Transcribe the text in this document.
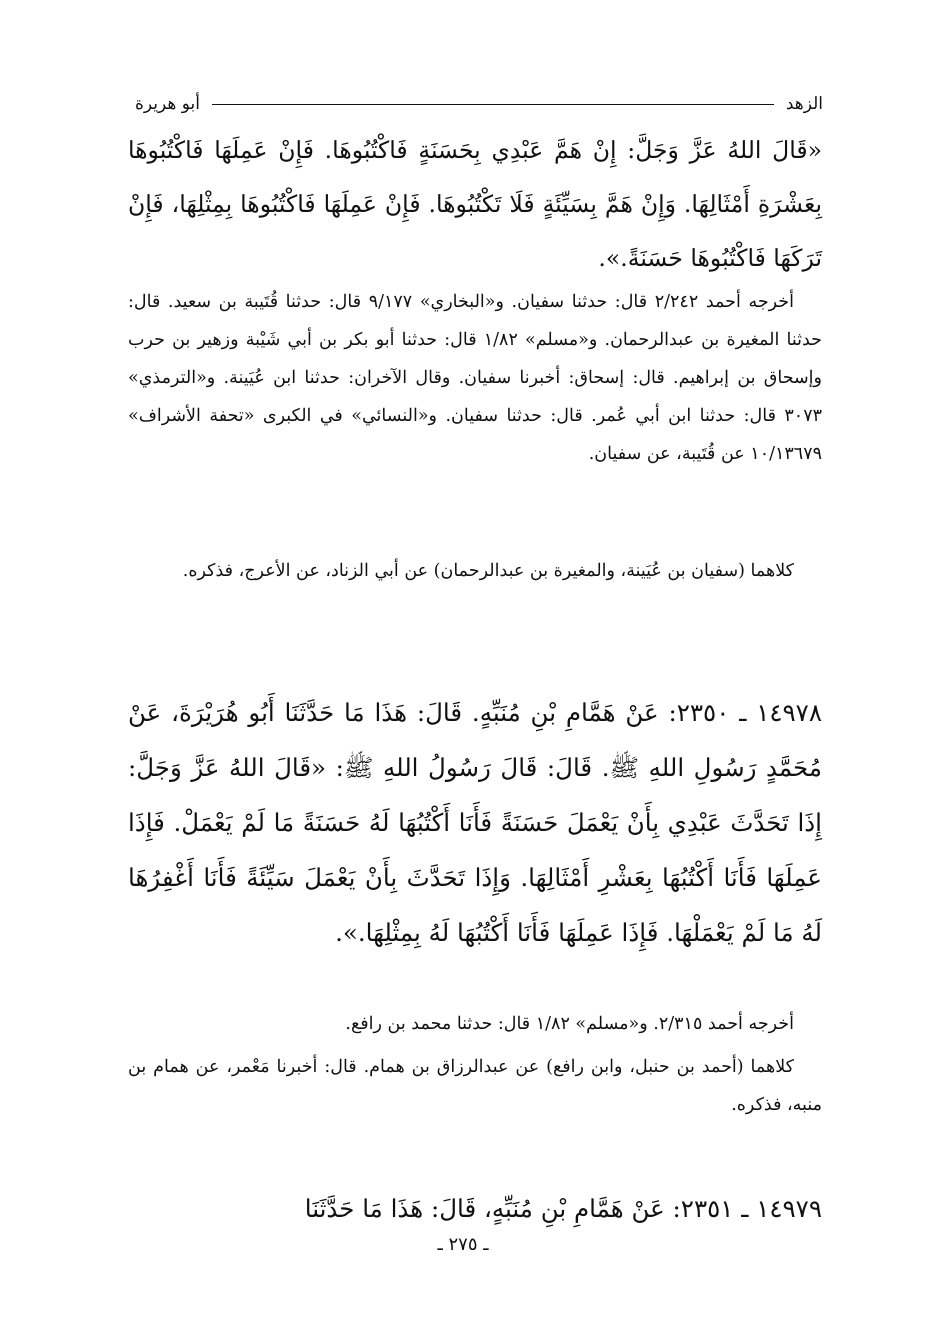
الزهد
أبو هريرة

«قَالَ اللهُ عَزَّ وَجَلَّ: إِنْ هَمَّ عَبْدِي بِحَسَنَةٍ فَاكْتُبُوهَا. فَإِنْ عَمِلَهَا فَاكْتُبُوهَا بِعَشْرَةِ أَمْثَالِهَا. وَإِنْ هَمَّ بِسَيِّئَةٍ فَلَا تَكْتُبُوهَا. فَإِنْ عَمِلَهَا فَاكْتُبُوهَا بِمِثْلِهَا، فَإِنْ تَرَكَهَا فَاكْتُبُوهَا حَسَنَةً.».

أخرجه أحمد ٢/٢٤٢ قال: حدثنا سفيان. و«البخاري» ٩/١٧٧ قال: حدثنا قُتَيبة بن سعيد. قال: حدثنا المغيرة بن عبدالرحمان. و«مسلم» ١/٨٢ قال: حدثنا أبو بكر بن أبي شَيْبة وزهير بن حرب وإسحاق بن إبراهيم. قال: إسحاق: أخبرنا سفيان. وقال الآخران: حدثنا ابن عُيَينة. و«الترمذي» ٣٠٧٣ قال: حدثنا ابن أبي عُمر. قال: حدثنا سفيان. و«النسائي» في الكبرى «تحفة الأشراف» ١٠/١٣٦٧٩ عن قُتَيبة، عن سفيان.

كلاهما (سفيان بن عُيَينة، والمغيرة بن عبدالرحمان) عن أبي الزناد، عن الأعرج، فذكره.

١٤٩٧٨ ـ ٢٣٥٠: عَنْ هَمَّامِ بْنِ مُنَبِّهٍ. قَالَ: هَذَا مَا حَدَّثَنَا أَبُو هُرَيْرَةَ، عَنْ مُحَمَّدٍ رَسُولِ اللهِ ﷺ. قَالَ: قَالَ رَسُولُ اللهِ ﷺ: «قَالَ اللهُ عَزَّ وَجَلَّ: إِذَا تَحَدَّثَ عَبْدِي بِأَنْ يَعْمَلَ حَسَنَةً فَأَنَا أَكْتُبُهَا لَهُ حَسَنَةً مَا لَمْ يَعْمَلْ. فَإِذَا عَمِلَهَا فَأَنَا أَكْتُبُهَا بِعَشْرِ أَمْثَالِهَا. وَإِذَا تَحَدَّثَ بِأَنْ يَعْمَلَ سَيِّئَةً فَأَنَا أَغْفِرُهَا لَهُ مَا لَمْ يَعْمَلْهَا. فَإِذَا عَمِلَهَا فَأَنَا أَكْتُبُهَا لَهُ بِمِثْلِهَا.».

أخرجه أحمد ٢/٣١٥. و«مسلم» ١/٨٢ قال: حدثنا محمد بن رافع.

كلاهما (أحمد بن حنبل، وابن رافع) عن عبدالرزاق بن همام. قال: أخبرنا مَعْمر، عن همام بن منبه، فذكره.

١٤٩٧٩ ـ ٢٣٥١: عَنْ هَمَّامِ بْنِ مُنَبِّهٍ، قَالَ: هَذَا مَا حَدَّثَنَا

ـ ٢٧٥ ـ
